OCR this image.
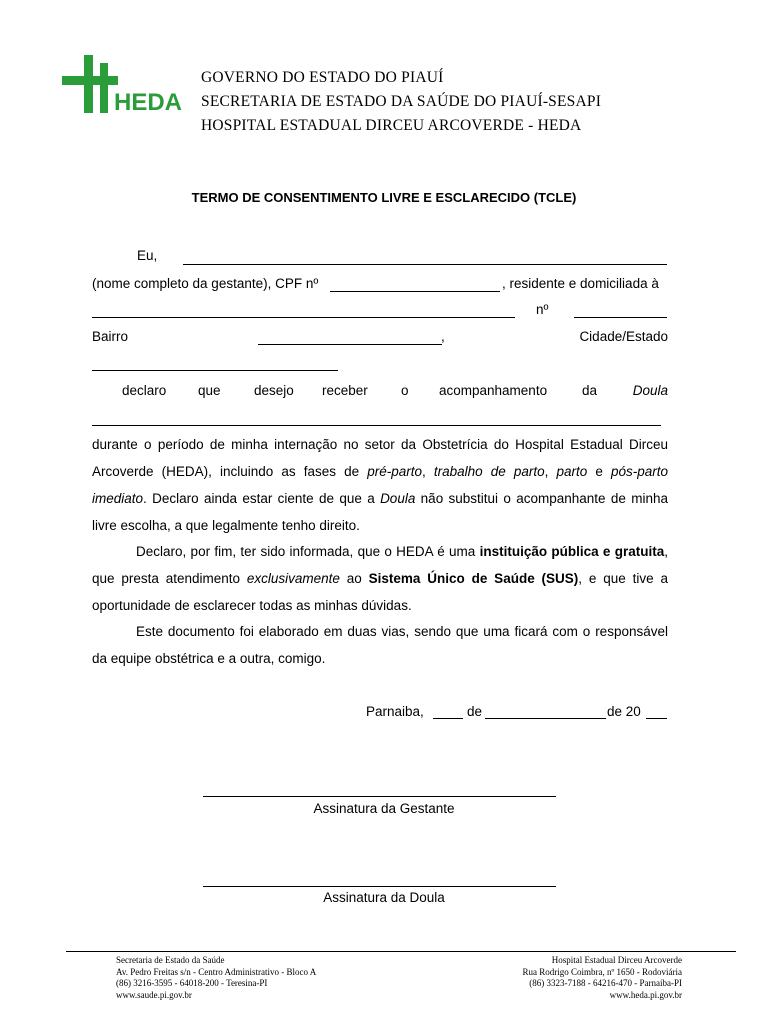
HEDA
GOVERNO DO ESTADO DO PIAUÍ
SECRETARIA DE ESTADO DA SAÚDE DO PIAUÍ-SESAPI
HOSPITAL ESTADUAL DIRCEU ARCOVERDE - HEDA
TERMO DE CONSENTIMENTO LIVRE E ESCLARECIDO (TCLE)
Eu,
(nome completo da gestante), CPF nº	, residente e domiciliada à
nº
Bairro	,	Cidade/Estado
declaro que desejo receber o acompanhamento	da	Doula
durante o período de minha internação no setor da Obstetrícia do Hospital Estadual Dirceu Arcoverde (HEDA), incluindo as fases de pré-parto, trabalho de parto, parto e pós-parto imediato. Declaro ainda estar ciente de que a Doula não substitui o acompanhante de minha livre escolha, a que legalmente tenho direito.
Declaro, por fim, ter sido informada, que o HEDA é uma instituição pública e gratuita, que presta atendimento exclusivamente ao Sistema Único de Saúde (SUS), e que tive a oportunidade de esclarecer todas as minhas dúvidas.
Este documento foi elaborado em duas vias, sendo que uma ficará com o responsável da equipe obstétrica e a outra, comigo.
Parnaiba,	de	de 20
Assinatura da Gestante
Assinatura da Doula
Secretaria de Estado da Saúde
Av. Pedro Freitas s/n - Centro Administrativo - Bloco A
(86) 3216-3595 - 64018-200 - Teresina-PI
www.saude.pi.gov.br
Hospital Estadual Dirceu Arcoverde
Rua Rodrigo Coimbra, nº 1650 - Rodoviária
(86) 3323-7188 - 64216-470 - Parnaíba-PI
www.heda.pi.gov.br
